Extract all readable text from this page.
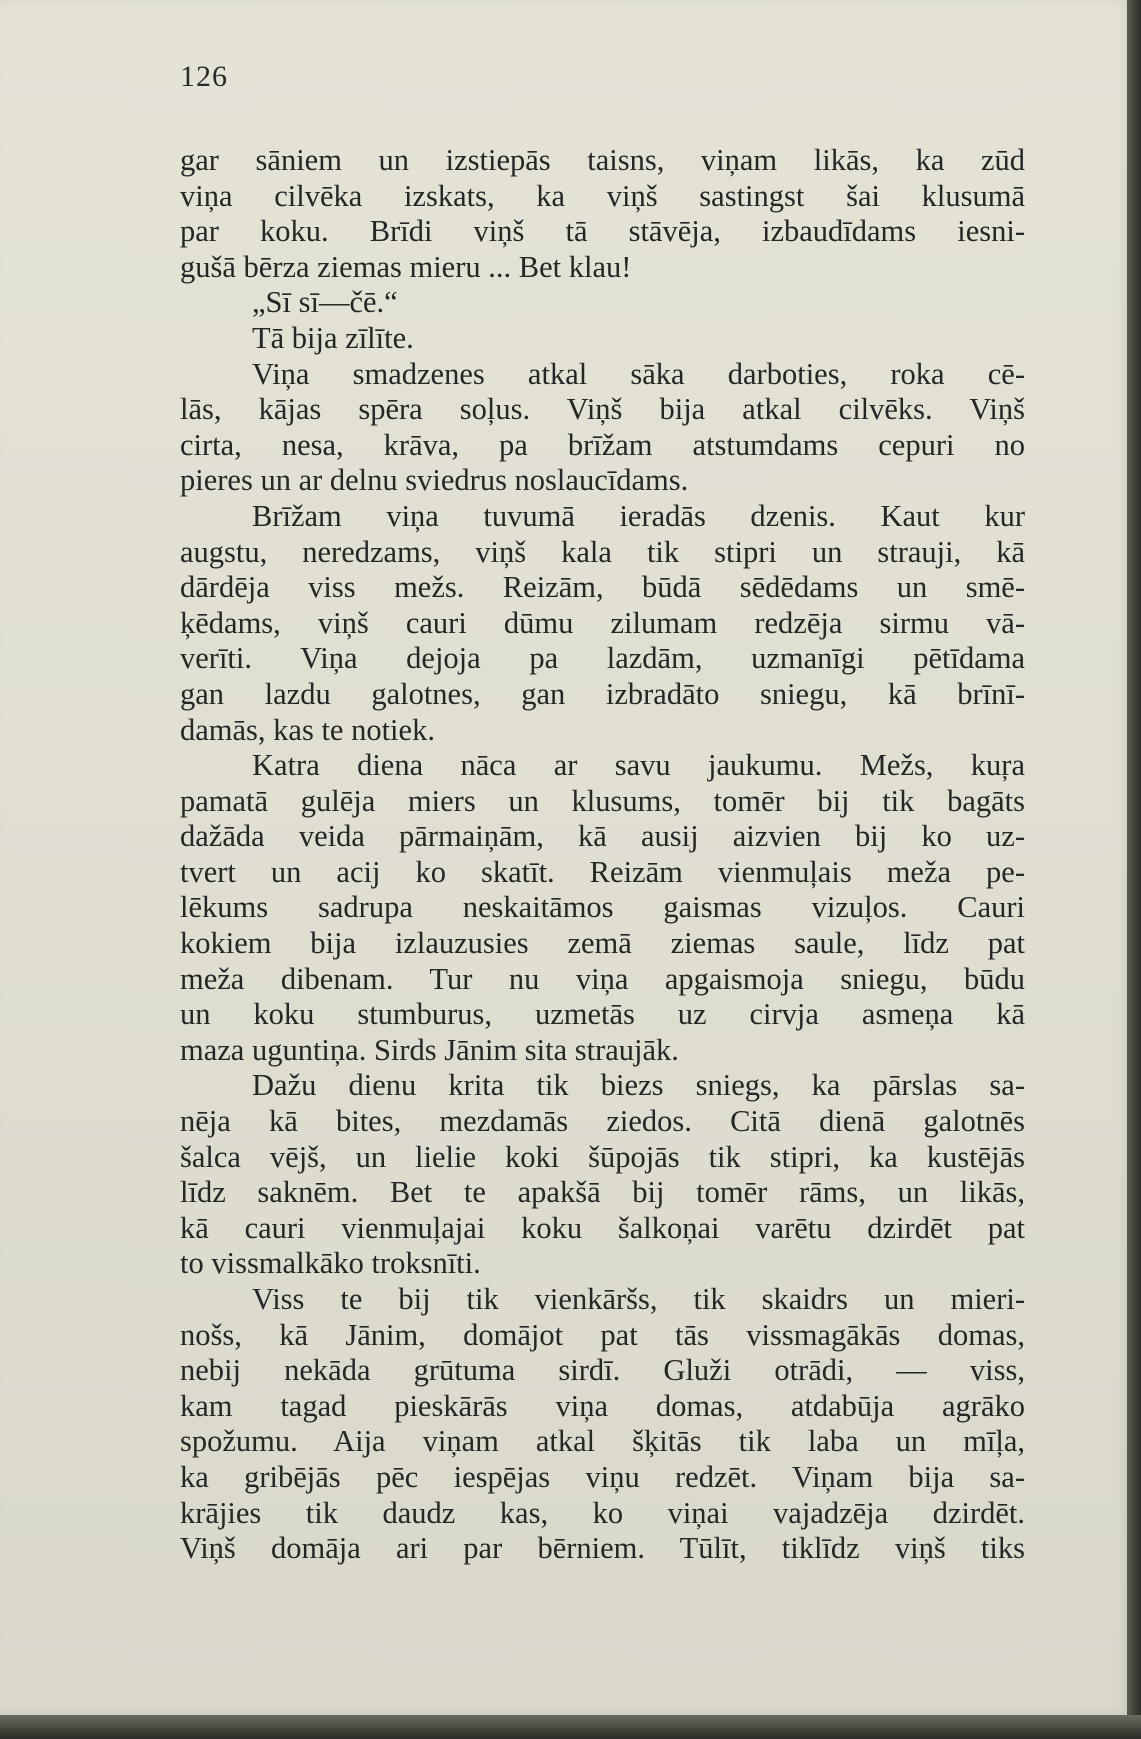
126
gar sāniem un izstiepās taisns, viņam likās, ka zūd
viņa cilvēka izskats, ka viņš sastingst šai klusumā
par koku. Brīdi viņš tā stāvēja, izbaudīdams iesni-
gušā bērza ziemas mieru ... Bet klau!
„Sī sī—čē.“
Tā bija zīlīte.
Viņa smadzenes atkal sāka darboties, roka cē-
lās, kājas spēra soļus. Viņš bija atkal cilvēks. Viņš
cirta, nesa, krāva, pa brīžam atstumdams cepuri no
pieres un ar delnu sviedrus noslaucīdams.
Brīžam viņa tuvumā ieradās dzenis. Kaut kur
augstu, neredzams, viņš kala tik stipri un strauji, kā
dārdēja viss mežs. Reizām, būdā sēdēdams un smē-
ķēdams, viņš cauri dūmu zilumam redzēja sirmu vā-
verīti. Viņa dejoja pa lazdām, uzmanīgi pētīdama
gan lazdu galotnes, gan izbradāto sniegu, kā brīnī-
damās, kas te notiek.
Katra diena nāca ar savu jaukumu. Mežs, kuŗa
pamatā gulēja miers un klusums, tomēr bij tik bagāts
dažāda veida pārmaiņām, kā ausij aizvien bij ko uz-
tvert un acij ko skatīt. Reizām vienmuļais meža pe-
lēkums sadrupa neskaitāmos gaismas vizuļos. Cauri
kokiem bija izlauzusies zemā ziemas saule, līdz pat
meža dibenam. Tur nu viņa apgaismoja sniegu, būdu
un koku stumburus, uzmetās uz cirvja asmeņa kā
maza uguntiņa. Sirds Jānim sita straujāk.
Dažu dienu krita tik biezs sniegs, ka pārslas sa-
nēja kā bites, mezdamās ziedos. Citā dienā galotnēs
šalca vējš, un lielie koki šūpojās tik stipri, ka kustējās
līdz saknēm. Bet te apakšā bij tomēr rāms, un likās,
kā cauri vienmuļajai koku šalkoņai varētu dzirdēt pat
to vissmalkāko troksnīti.
Viss te bij tik vienkāršs, tik skaidrs un mieri-
nošs, kā Jānim, domājot pat tās vissmagākās domas,
nebij nekāda grūtuma sirdī. Gluži otrādi, — viss,
kam tagad pieskārās viņa domas, atdabūja agrāko
spožumu. Aija viņam atkal šķitās tik laba un mīļa,
ka gribējās pēc iespējas viņu redzēt. Viņam bija sa-
krājies tik daudz kas, ko viņai vajadzēja dzirdēt.
Viņš domāja ari par bērniem. Tūlīt, tiklīdz viņš tiks
